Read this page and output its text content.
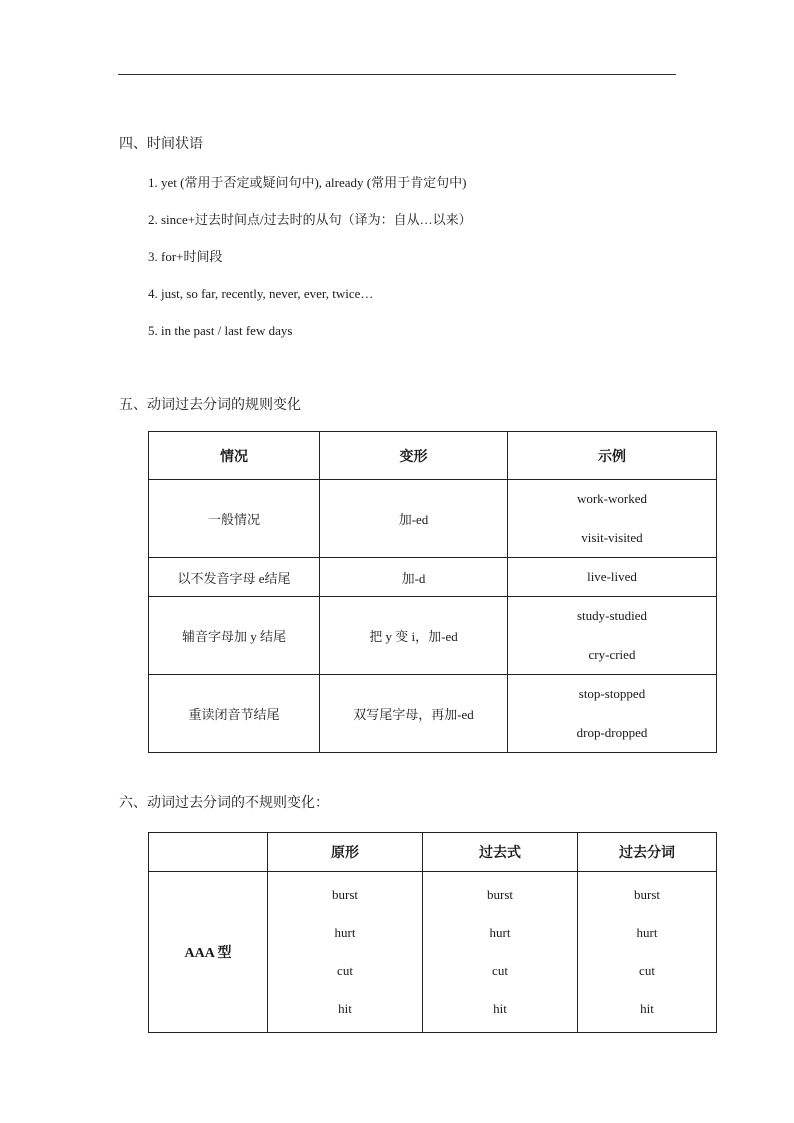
四、时间状语
1. yet (常用于否定或疑问句中), already (常用于肯定句中)
2. since+过去时间点/过去时的从句（译为：自从…以来）
3. for+时间段
4. just, so far, recently, never, ever, twice…
5. in the past / last few days
五、动词过去分词的规则变化
情况	变形	示例
一般情况	加-ed	work-worked
visit-visited

以不发音字母 e结尾	加-d	live-lived
辅音字母加 y 结尾	把 y 变 i，加-ed	study-studied
cry-cried

重读闭音节结尾	双写尾字母，再加-ed	stop-stopped
drop-dropped
六、动词过去分词的不规则变化：
	原形	过去式	过去分词
AAA 型	burst
hurt
cut
hit	burst
hurt
cut
hit	burst
hurt
cut
hit
